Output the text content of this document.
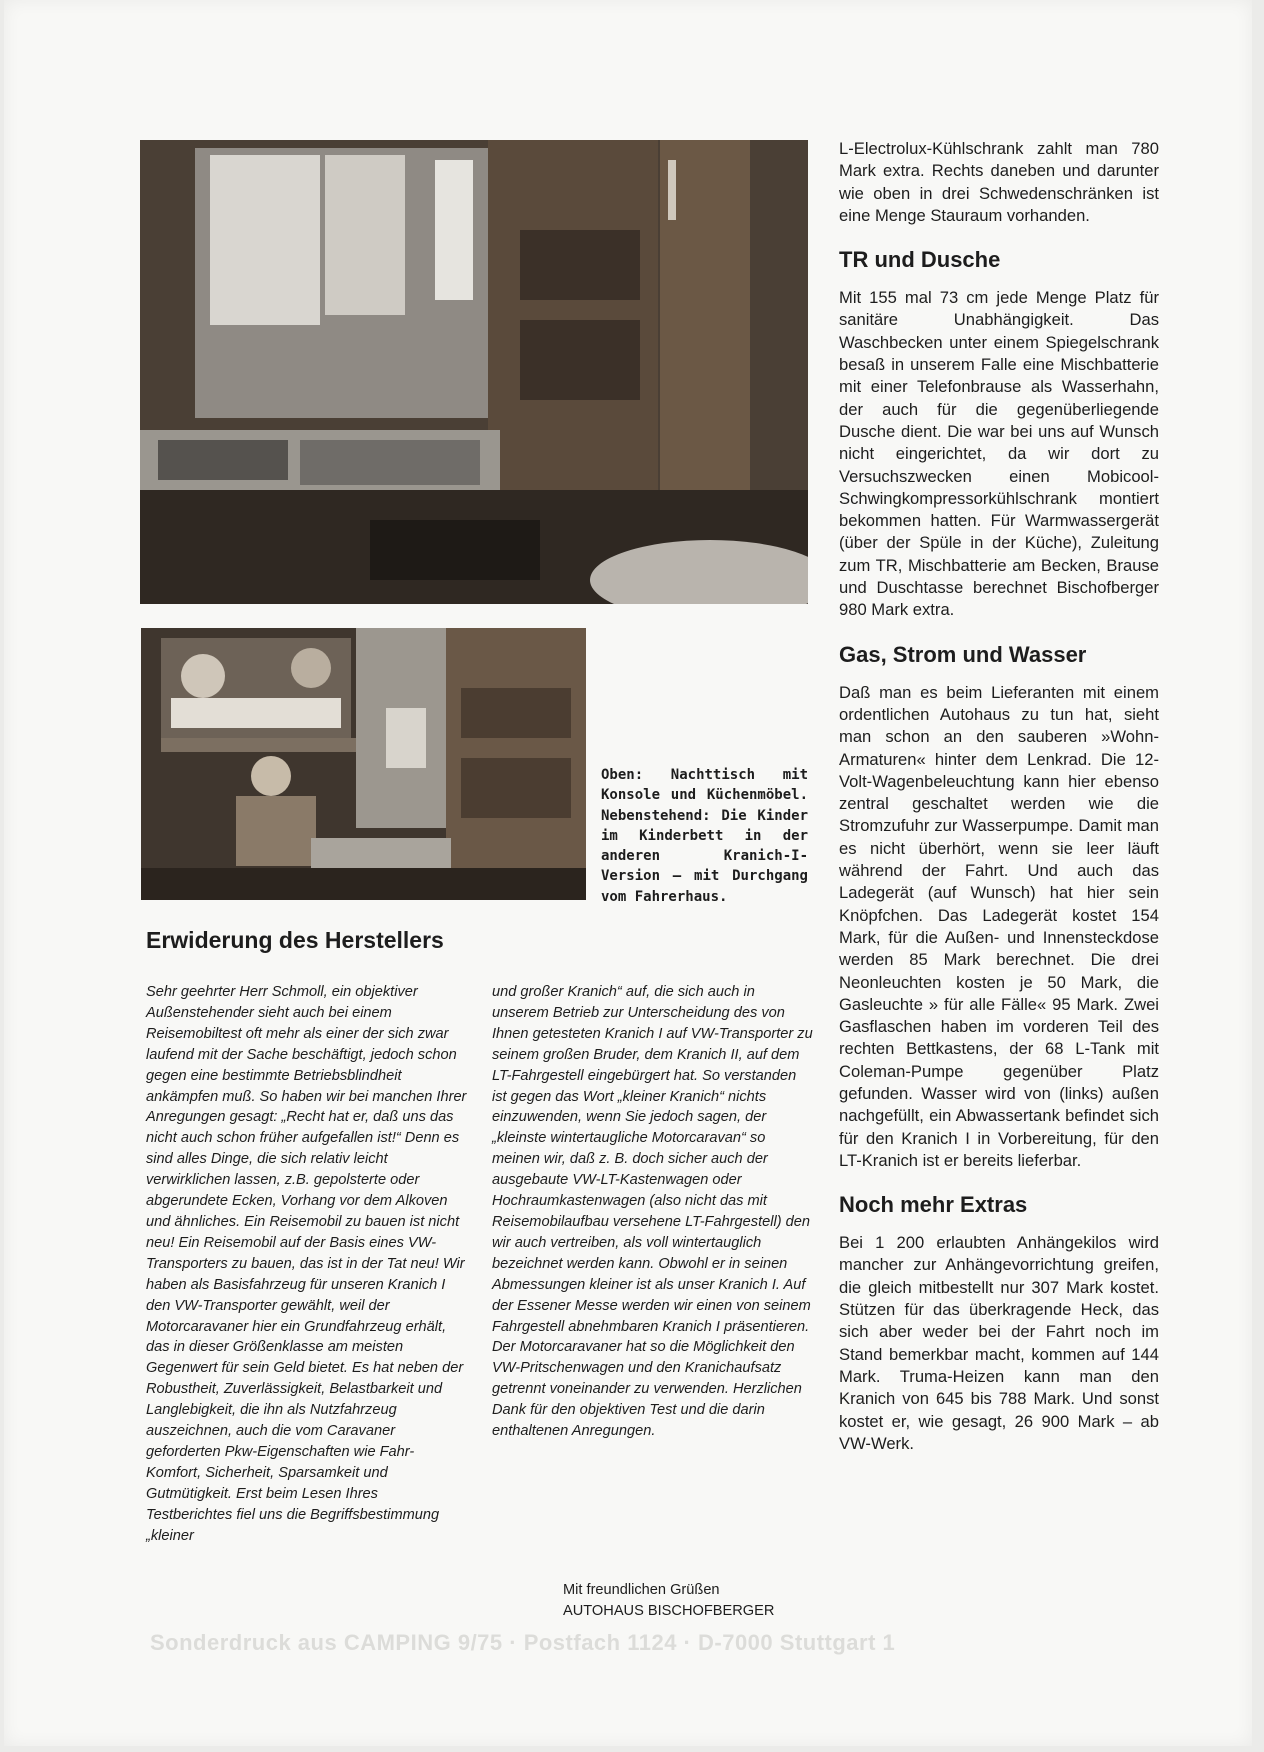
Oben: Nachttisch mit Konsole und Küchenmöbel. Nebenstehend: Die Kinder im Kinderbett in der anderen Kranich-I-Version – mit Durchgang vom Fahrerhaus.

L-Electrolux-Kühlschrank zahlt man 780 Mark extra. Rechts daneben und darunter wie oben in drei Schwedenschränken ist eine Menge Stauraum vorhanden.

TR und Dusche

Mit 155 mal 73 cm jede Menge Platz für sanitäre Unabhängigkeit. Das Waschbecken unter einem Spiegelschrank besaß in unserem Falle eine Mischbatterie mit einer Telefonbrause als Wasserhahn, der auch für die gegenüberliegende Dusche dient. Die war bei uns auf Wunsch nicht eingerichtet, da wir dort zu Versuchszwecken einen Mobicool-Schwingkompressorkühlschrank montiert bekommen hatten. Für Warmwassergerät (über der Spüle in der Küche), Zuleitung zum TR, Mischbatterie am Becken, Brause und Duschtasse berechnet Bischofberger 980 Mark extra.

Gas, Strom und Wasser

Daß man es beim Lieferanten mit einem ordentlichen Autohaus zu tun hat, sieht man schon an den sauberen »Wohn-Armaturen« hinter dem Lenkrad. Die 12-Volt-Wagenbeleuchtung kann hier ebenso zentral geschaltet werden wie die Stromzufuhr zur Wasserpumpe. Damit man es nicht überhört, wenn sie leer läuft während der Fahrt. Und auch das Ladegerät (auf Wunsch) hat hier sein Knöpfchen. Das Ladegerät kostet 154 Mark, für die Außen- und Innensteckdose werden 85 Mark berechnet. Die drei Neonleuchten kosten je 50 Mark, die Gasleuchte » für alle Fälle« 95 Mark. Zwei Gasflaschen haben im vorderen Teil des rechten Bettkastens, der 68 L-Tank mit Coleman-Pumpe gegenüber Platz gefunden. Wasser wird von (links) außen nachgefüllt, ein Abwassertank befindet sich für den Kranich I in Vorbereitung, für den LT-Kranich ist er bereits lieferbar.

Noch mehr Extras

Bei 1 200 erlaubten Anhängekilos wird mancher zur Anhängevorrichtung greifen, die gleich mitbestellt nur 307 Mark kostet. Stützen für das überkragende Heck, das sich aber weder bei der Fahrt noch im Stand bemerkbar macht, kommen auf 144 Mark. Truma-Heizen kann man den Kranich von 645 bis 788 Mark. Und sonst kostet er, wie gesagt, 26 900 Mark – ab VW-Werk.

Erwiderung des Herstellers

Sehr geehrter Herr Schmoll, ein objektiver Außenstehender sieht auch bei einem Reisemobiltest oft mehr als einer der sich zwar laufend mit der Sache beschäftigt, jedoch schon gegen eine bestimmte Betriebsblindheit ankämpfen muß. So haben wir bei manchen Ihrer Anregungen gesagt: „Recht hat er, daß uns das nicht auch schon früher aufgefallen ist!“ Denn es sind alles Dinge, die sich relativ leicht verwirklichen lassen, z.B. gepolsterte oder abgerundete Ecken, Vorhang vor dem Alkoven und ähnliches. Ein Reisemobil zu bauen ist nicht neu! Ein Reisemobil auf der Basis eines VW-Transporters zu bauen, das ist in der Tat neu! Wir haben als Basisfahrzeug für unseren Kranich I den VW-Transporter gewählt, weil der Motorcaravaner hier ein Grundfahrzeug erhält, das in dieser Größenklasse am meisten Gegenwert für sein Geld bietet. Es hat neben der Robustheit, Zuverlässigkeit, Belastbarkeit und Langlebigkeit, die ihn als Nutzfahrzeug auszeichnen, auch die vom Caravaner geforderten Pkw-Eigenschaften wie Fahr-Komfort, Sicherheit, Sparsamkeit und Gutmütigkeit. Erst beim Lesen Ihres Testberichtes fiel uns die Begriffsbestimmung „kleiner

und großer Kranich“ auf, die sich auch in unserem Betrieb zur Unterscheidung des von Ihnen getesteten Kranich I auf VW-Transporter zu seinem großen Bruder, dem Kranich II, auf dem LT-Fahrgestell eingebürgert hat. So verstanden ist gegen das Wort „kleiner Kranich“ nichts einzuwenden, wenn Sie jedoch sagen, der „kleinste wintertaugliche Motorcaravan“ so meinen wir, daß z. B. doch sicher auch der ausgebaute VW-LT-Kastenwagen oder Hochraumkastenwagen (also nicht das mit Reisemobilaufbau versehene LT-Fahrgestell) den wir auch vertreiben, als voll wintertauglich bezeichnet werden kann. Obwohl er in seinen Abmessungen kleiner ist als unser Kranich I. Auf der Essener Messe werden wir einen von seinem Fahrgestell abnehmbaren Kranich I präsentieren. Der Motorcaravaner hat so die Möglichkeit den VW-Pritschenwagen und den Kranichaufsatz getrennt voneinander zu verwenden. Herzlichen Dank für den objektiven Test und die darin enthaltenen Anregungen.

Mit freundlichen Grüßen
AUTOHAUS BISCHOFBERGER
Sonderdruck aus CAMPING 9/75 · Postfach 1124 · D-7000 Stuttgart 1
